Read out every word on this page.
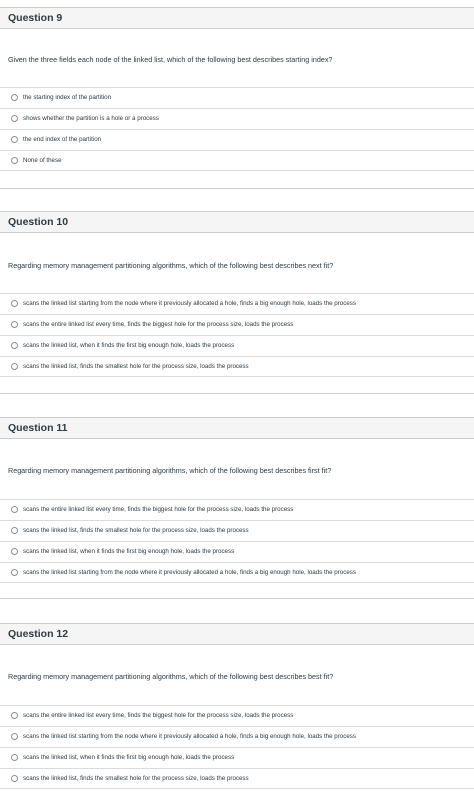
Question 9
Given the three fields each node of the linked list, which of the following best describes starting index?
the starting index of the partition
shows whether the partition is a hole or a process
the end index of the partition
None of these
Question 10
Regarding memory management partitioning algorithms, which of the following best describes next fit?
scans the linked list starting from the node where it previously allocated a hole, finds a big enough hole, loads the process
scans the entire linked list every time, finds the biggest hole for the process size, loads the process
scans the linked list, when it finds the first big enough hole, loads the process
scans the linked list, finds the smallest hole for the process size, loads the process
Question 11
Regarding memory management partitioning algorithms, which of the following best describes first fit?
scans the entire linked list every time, finds the biggest hole for the process size, loads the process
scans the linked list, finds the smallest hole for the process size, loads the process
scans the linked list, when it finds the first big enough hole, loads the process
scans the linked list starting from the node where it previously allocated a hole, finds a big enough hole, loads the process
Question 12
Regarding memory management partitioning algorithms, which of the following best describes best fit?
scans the entire linked list every time, finds the biggest hole for the process size, loads the process
scans the linked list starting from the node where it previously allocated a hole, finds a big enough hole, loads the process
scans the linked list, when it finds the first big enough hole, loads the process
scans the linked list, finds the smallest hole for the process size, loads the process
